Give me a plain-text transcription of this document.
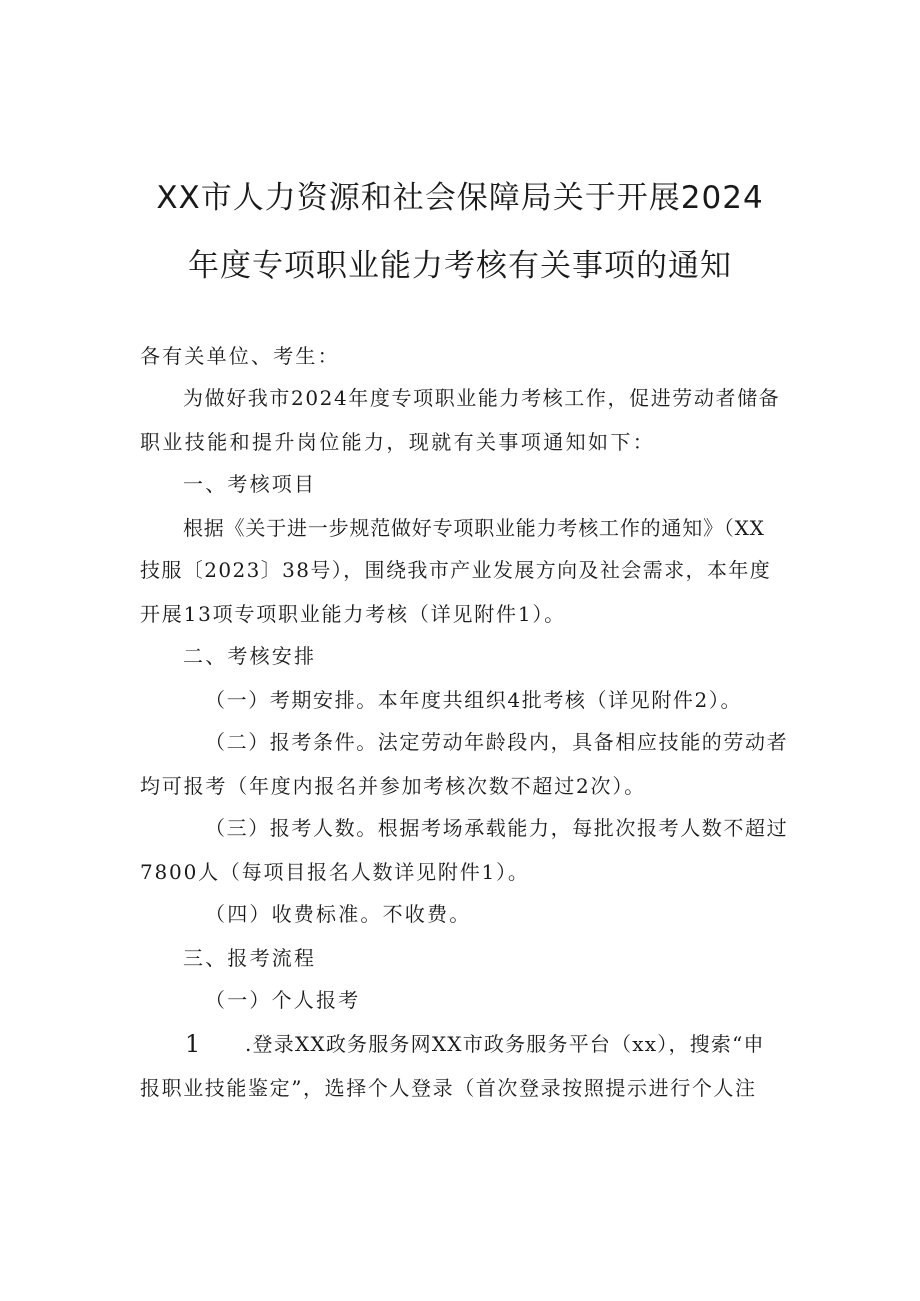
XX市人力资源和社会保障局关于开展2024
年度专项职业能力考核有关事项的通知
各有关单位、考生：
为做好我市2024年度专项职业能力考核工作，促进劳动者储备
职业技能和提升岗位能力，现就有关事项通知如下：
一、考核项目
根据《关于进一步规范做好专项职业能力考核工作的通知》（XX
技服〔2023〕38号），围绕我市产业发展方向及社会需求，本年度
开展13项专项职业能力考核（详见附件1）。
二、考核安排
（一）考期安排。本年度共组织4批考核（详见附件2）。
（二）报考条件。法定劳动年龄段内，具备相应技能的劳动者
均可报考（年度内报名并参加考核次数不超过2次）。
（三）报考人数。根据考场承载能力，每批次报考人数不超过
7800人（每项目报名人数详见附件1）。
（四）收费标准。不收费。
三、报考流程
（一）个人报考
1 .登录XX政务服务网XX市政务服务平台（xx），搜索“申
报职业技能鉴定”，选择个人登录（首次登录按照提示进行个人注
